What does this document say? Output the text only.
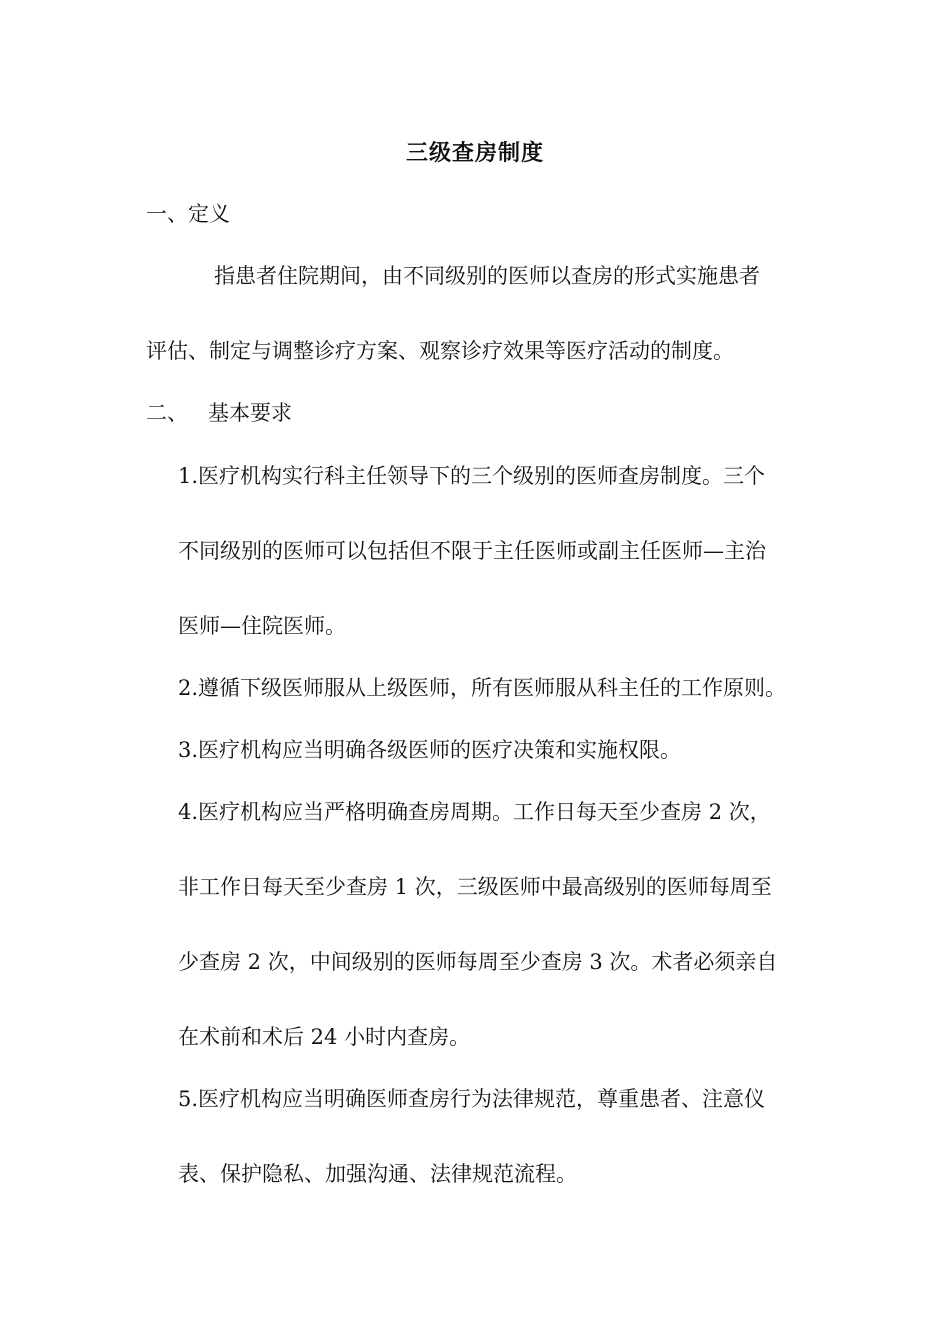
三级查房制度
一、定义
指患者住院期间，由不同级别的医师以查房的形式实施患者
评估、制定与调整诊疗方案、观察诊疗效果等医疗活动的制度。
二、   基本要求
1.医疗机构实行科主任领导下的三个级别的医师查房制度。三个
不同级别的医师可以包括但不限于主任医师或副主任医师—主治
医师—住院医师。
2.遵循下级医师服从上级医师，所有医师服从科主任的工作原则。
3.医疗机构应当明确各级医师的医疗决策和实施权限。
4.医疗机构应当严格明确查房周期。工作日每天至少查房 2 次，
非工作日每天至少查房 1 次，三级医师中最高级别的医师每周至
少查房 2 次，中间级别的医师每周至少查房 3 次。术者必须亲自
在术前和术后 24 小时内查房。
5.医疗机构应当明确医师查房行为法律规范，尊重患者、注意仪
表、保护隐私、加强沟通、法律规范流程。
